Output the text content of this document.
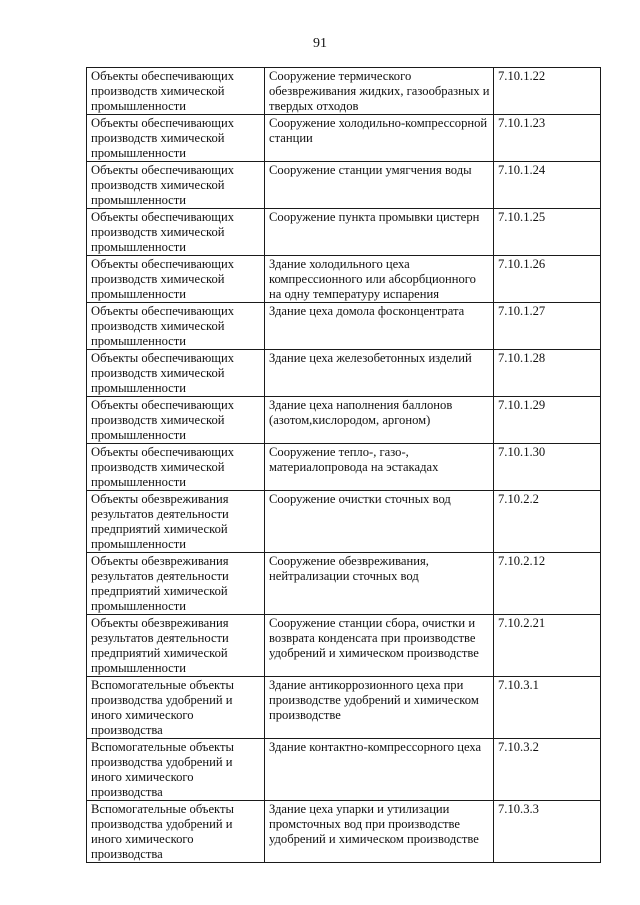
91
Объекты обеспечивающих производств химической промышленности	Сооружение термического обезвреживания жидких, газообразных и твердых отходов	7.10.1.22
Объекты обеспечивающих производств химической промышленности	Сооружение холодильно-компрессорной станции	7.10.1.23
Объекты обеспечивающих производств химической промышленности	Сооружение станции умягчения воды	7.10.1.24
Объекты обеспечивающих производств химической промышленности	Сооружение пункта промывки цистерн	7.10.1.25
Объекты обеспечивающих производств химической промышленности	Здание холодильного цеха компрессионного или абсорбционного на одну температуру испарения	7.10.1.26
Объекты обеспечивающих производств химической промышленности	Здание цеха домола фосконцентрата	7.10.1.27
Объекты обеспечивающих производств химической промышленности	Здание цеха железобетонных изделий	7.10.1.28
Объекты обеспечивающих производств химической промышленности	Здание цеха наполнения баллонов (азотом,кислородом, аргоном)	7.10.1.29
Объекты обеспечивающих производств химической промышленности	Сооружение тепло-, газо-, материалопровода на эстакадах	7.10.1.30
Объекты обезвреживания результатов деятельности предприятий химической промышленности	Сооружение очистки сточных вод	7.10.2.2
Объекты обезвреживания результатов деятельности предприятий химической промышленности	Сооружение обезвреживания, нейтрализации сточных вод	7.10.2.12
Объекты обезвреживания результатов деятельности предприятий химической промышленности	Сооружение станции сбора, очистки и возврата конденсата при производстве удобрений и химическом производстве	7.10.2.21
Вспомогательные объекты производства удобрений и иного химического производства	Здание антикоррозионного цеха при производстве удобрений и химическом производстве	7.10.3.1
Вспомогательные объекты производства удобрений и иного химического производства	Здание контактно-компрессорного цеха	7.10.3.2
Вспомогательные объекты производства удобрений и иного химического производства	Здание цеха упарки и утилизации промсточных вод при производстве удобрений и химическом производстве	7.10.3.3
